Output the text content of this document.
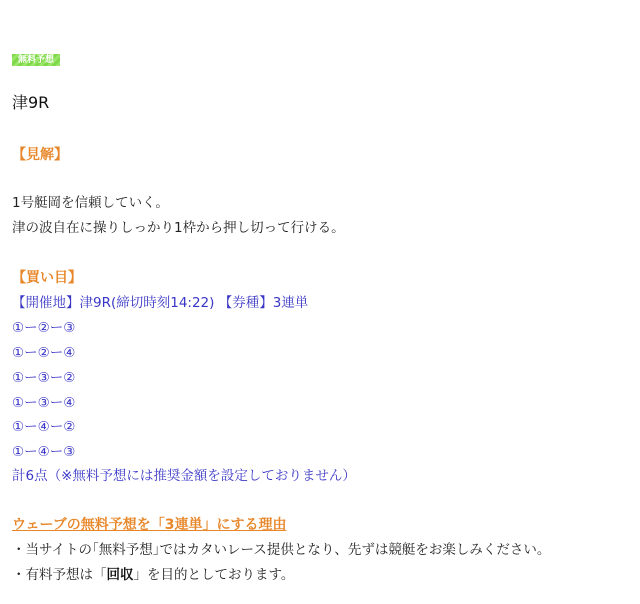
無料予想
津9R
【見解】
1号艇岡を信頼していく。
津の波自在に操りしっかり1枠から押し切って行ける。
【買い目】
【開催地】津9R(締切時刻14:22) 【券種】3連単
①ー②ー③
①ー②ー④
①ー③ー②
①ー③ー④
①ー④ー②
①ー④ー③
計6点（※無料予想には推奨金額を設定しておりません）
ウェーブの無料予想を「3連単」にする理由
・当サイトの｢無料予想｣ではカタいレース提供となり、先ずは競艇をお楽しみください。
・有料予想は「回収」を目的としております。
